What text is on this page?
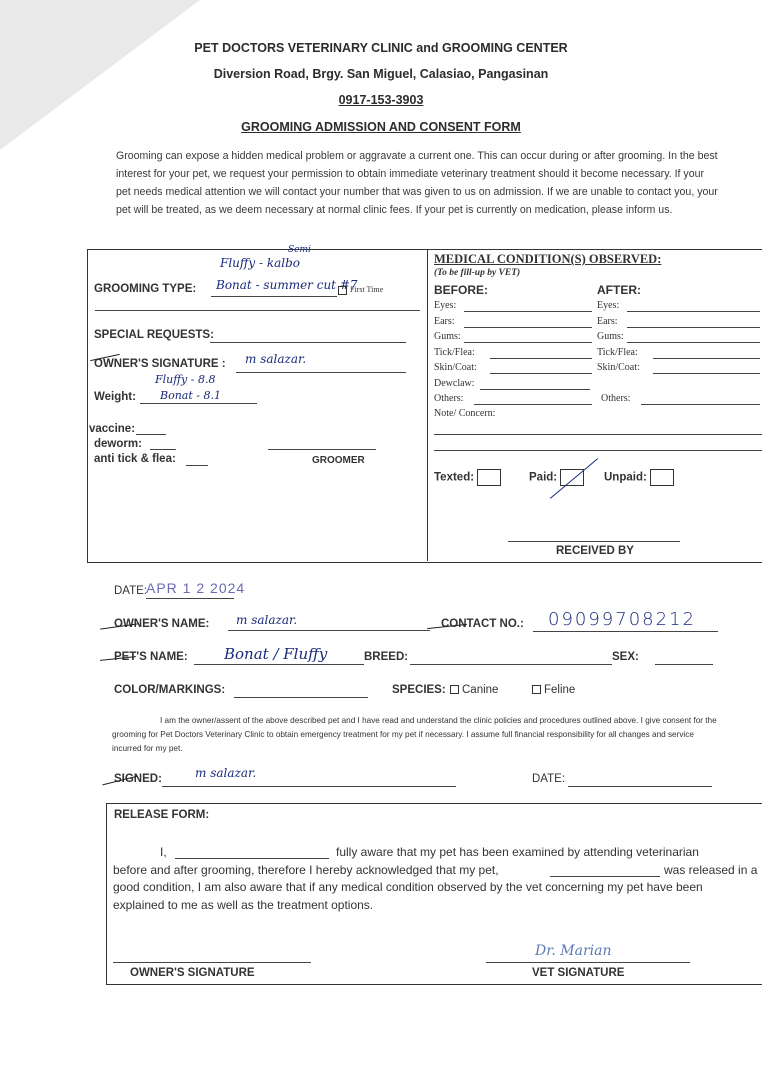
PET DOCTORS VETERINARY CLINIC and GROOMING CENTER
Diversion Road, Brgy. San Miguel, Calasiao, Pangasinan
0917-153-3903
GROOMING ADMISSION AND CONSENT FORM
Grooming can expose a hidden medical problem or aggravate a current one. This can occur during or after grooming. In the best interest for your pet, we request your permission to obtain immediate veterinary treatment should it become necessary. If your pet needs medical attention we will contact your number that was given to us on admission. If we are unable to contact you, your pet will be treated, as we deem necessary at normal clinic fees. If your pet is currently on medication, please inform us.
Semi
Fluffy - kalbo
GROOMING TYPE: Bonat - summer cut #7
First Time
SPECIAL REQUESTS:
OWNER'S SIGNATURE : m salazar.
Fluffy - 8.8
Weight: Bonat - 8.1
vaccine:
deworm:
anti tick & flea:	GROOMER
MEDICAL CONDITION(S) OBSERVED:
(To be fill-up by VET)
BEFORE:	AFTER:
Eyes:	Eyes:
Ears:	Ears:
Gums:	Gums:
Tick/Flea:	Tick/Flea:
Skin/Coat:	Skin/Coat:
Dewclaw:
Others:	Others:
Note/ Concern:
Texted:	Paid:	Unpaid:
RECEIVED BY
DATE:
APR 1 2 2024
OWNER'S NAME: m salazar.	CONTACT NO.: 09099708212
PET'S NAME: Bonat / Fluffy	BREED:	SEX:
COLOR/MARKINGS:	SPECIES:	Canine	Feline
I am the owner/assent of the above described pet and I have read and understand the clinic policies and procedures outlined above. I give consent for the grooming for Pet Doctors Veterinary Clinic to obtain emergency treatment for my pet if necessary. I assume full financial responsibility for all changes and service incurred for my pet.
SIGNED:	m salazar.	DATE:
RELEASE FORM:
I,	fully aware that my pet has been examined by attending veterinarian
before and after grooming, therefore I hereby acknowledged that my pet,	was released in a
good condition, I am also aware that if any medical condition observed by the vet concerning my pet have been
explained to me as well as the treatment options.
OWNER'S SIGNATURE
Dr. Marian
VET SIGNATURE
